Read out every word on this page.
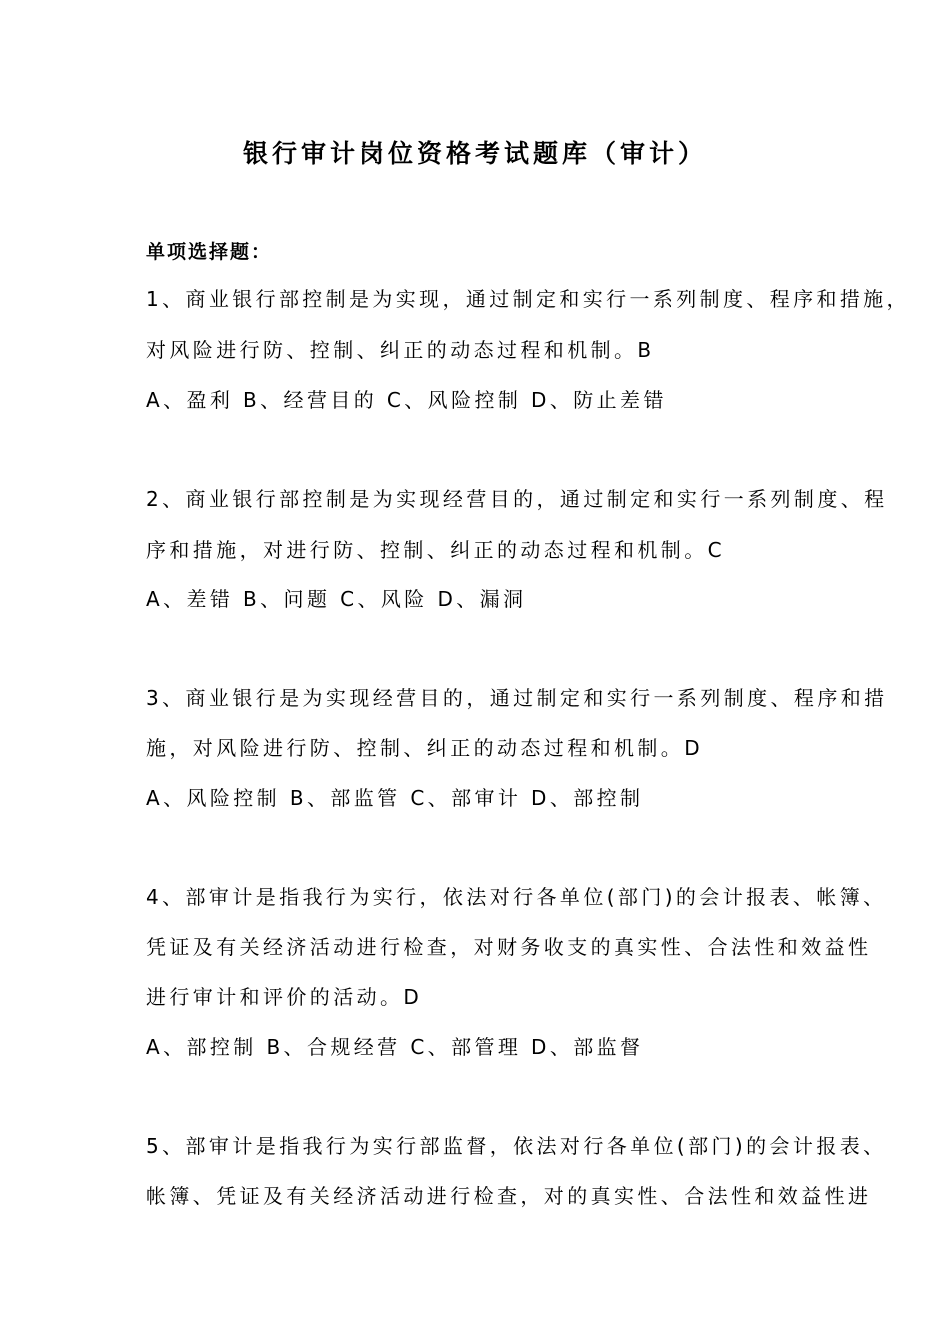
银行审计岗位资格考试题库（审计）
单项选择题：
1、商业银行部控制是为实现，通过制定和实行一系列制度、程序和措施，
对风险进行防、控制、纠正的动态过程和机制。B
A、盈利 B、经营目的 C、风险控制 D、防止差错
2、商业银行部控制是为实现经营目的，通过制定和实行一系列制度、程
序和措施，对进行防、控制、纠正的动态过程和机制。C
A、差错 B、问题 C、风险 D、漏洞
3、商业银行是为实现经营目的，通过制定和实行一系列制度、程序和措
施，对风险进行防、控制、纠正的动态过程和机制。D
A、风险控制 B、部监管 C、部审计 D、部控制
4、部审计是指我行为实行，依法对行各单位(部门)的会计报表、帐簿、
凭证及有关经济活动进行检查，对财务收支的真实性、合法性和效益性
进行审计和评价的活动。D
A、部控制 B、合规经营 C、部管理 D、部监督
5、部审计是指我行为实行部监督，依法对行各单位(部门)的会计报表、
帐簿、凭证及有关经济活动进行检查，对的真实性、合法性和效益性进
